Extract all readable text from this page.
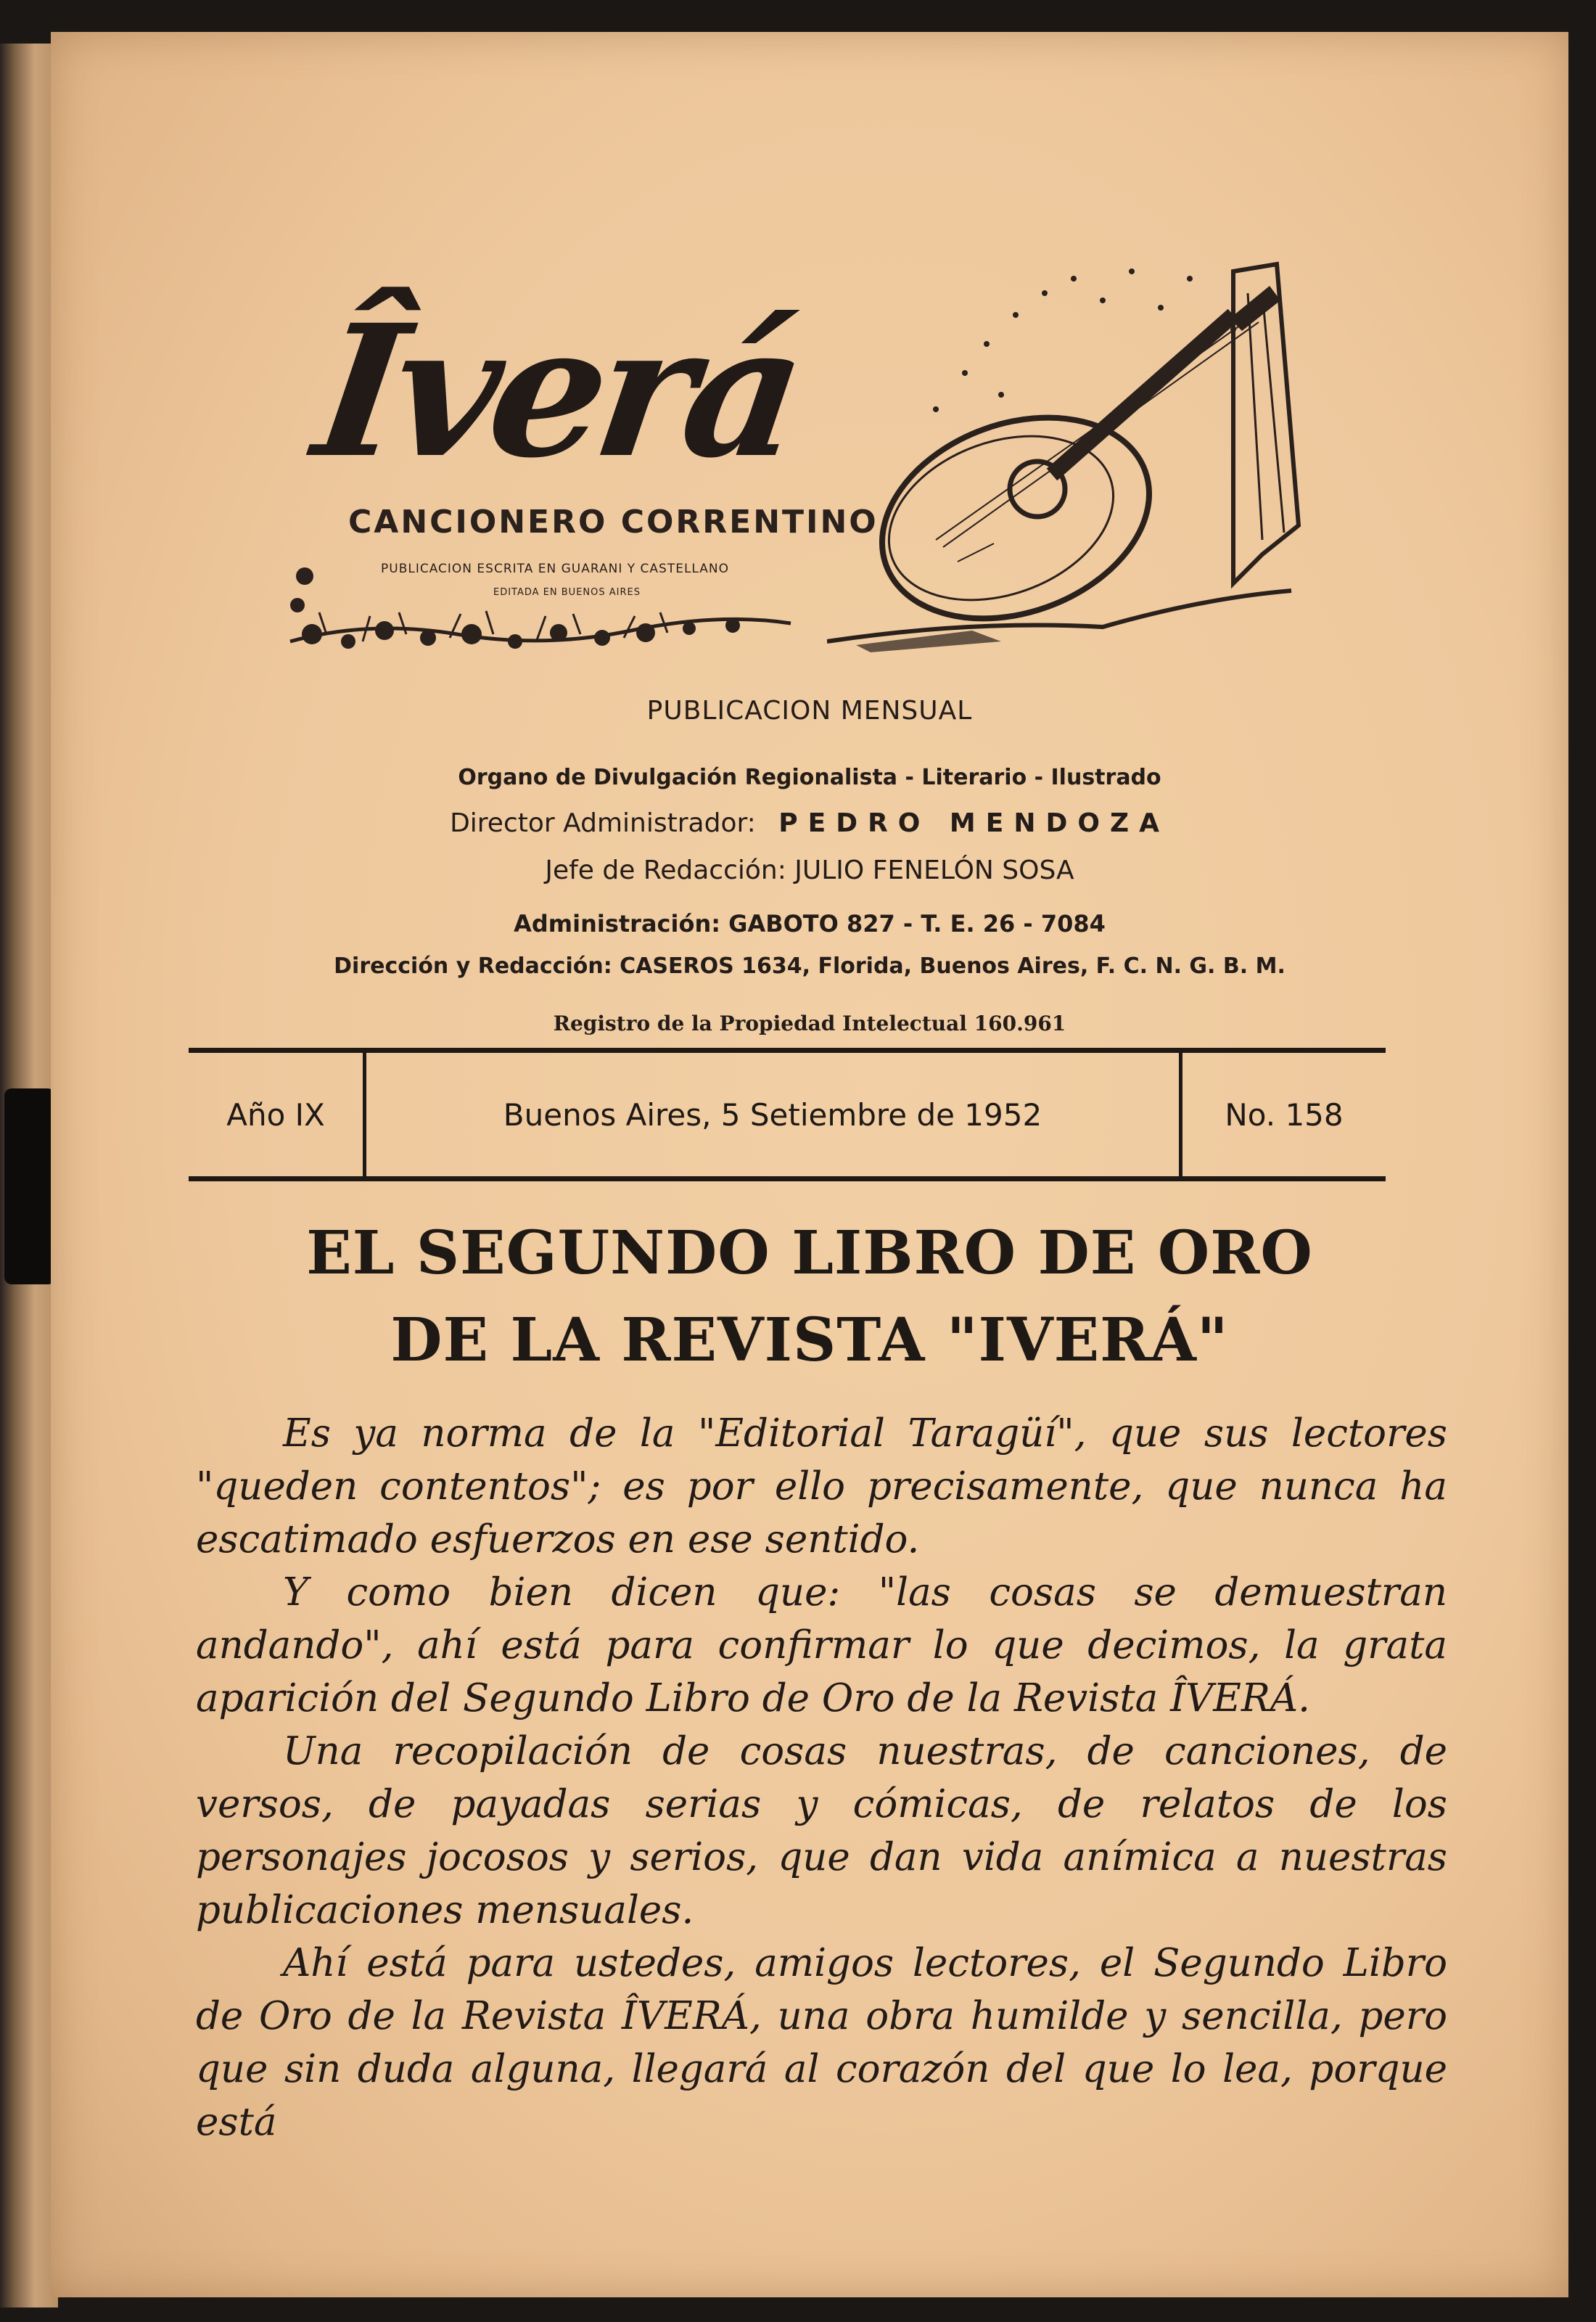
Îverá
CANCIONERO CORRENTINO
PUBLICACION ESCRITA EN GUARANI Y CASTELLANO
EDITADA EN BUENOS AIRES
PUBLICACION MENSUAL
Organo de Divulgación Regionalista - Literario - Ilustrado
Director Administrador: PEDRO MENDOZA
Jefe de Redacción: JULIO FENELÓN SOSA
Administración: GABOTO 827 - T. E. 26 - 7084
Dirección y Redacción: CASEROS 1634, Florida, Buenos Aires, F. C. N. G. B. M.
Registro de la Propiedad Intelectual 160.961
Año IX	Buenos Aires, 5 Setiembre de 1952	No. 158
EL SEGUNDO LIBRO DE ORO
DE LA REVISTA "IVERÁ"

Es ya norma de la "Editorial Taragüí", que sus lectores "queden contentos"; es por ello precisamente, que nunca ha escatimado esfuerzos en ese sentido.

Y como bien dicen que: "las cosas se demuestran andando", ahí está para confirmar lo que decimos, la grata aparición del Segundo Libro de Oro de la Revista ÎVERÁ.

Una recopilación de cosas nuestras, de canciones, de versos, de payadas serias y cómicas, de relatos de los personajes jocosos y serios, que dan vida anímica a nuestras publicaciones mensuales.

Ahí está para ustedes, amigos lectores, el Segundo Libro de Oro de la Revista ÎVERÁ, una obra humilde y sencilla, pero que sin duda alguna, llegará al corazón del que lo lea, porque está
